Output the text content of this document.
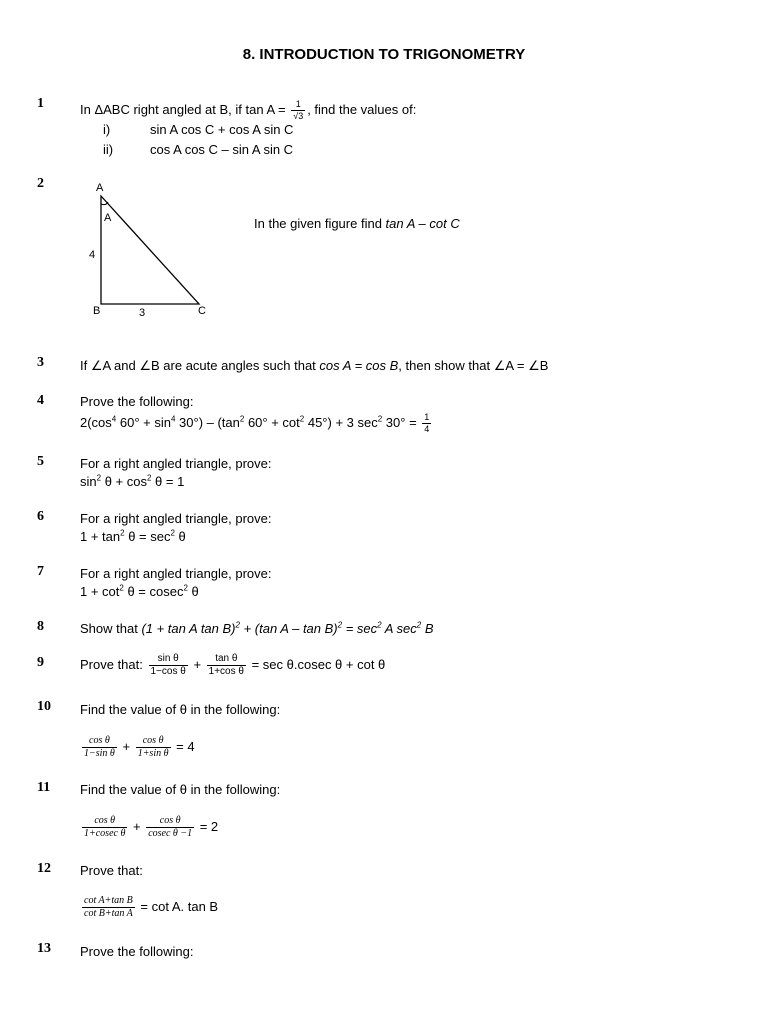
8. INTRODUCTION TO TRIGONOMETRY
1	In ΔABC right angled at B, if $\tan A = \frac{1}{√3}$ , find the values of:
i)	sin A cos C + cos A sin C
ii)	cos A cos C – sin A sin C
2	A
A
4
B	3	C
In the given figure find tan A – cot C
3	If ∠A and ∠B are acute angles such that cos A = cos B, then show that ∠A = ∠B
4	Prove the following:
$2(\cos^4$ $60^\circ + \sin^4 30^\circ) - (\tan^2$ $60^\circ + \cot^2 45^\circ) + 3$ $\sec^2 30^\circ = \frac{1}{4}$
5	For a right angled triangle, prove:
$\sin^2 \theta + \cos^2 \theta = 1$
6	For a right angled triangle, prove:
$1 + \tan^2 \theta = \sec^2 \theta$
7	For a right angled triangle, prove:
$1 + \cot^2 \theta = cosec^2$ θ
8	Show that (1 + tan A tan B)$^2$ + (tan $A - \tan B)^2 = \sec^2 A$ $\sec^2 B$
9	Prove that: $\frac{\text{sin θ}}{\text{1−cos θ}} + \frac{\text{tan θ}}{\text{1+cos θ}} = \sec \theta.cosec$ θ + cot θ
10 Find the value of θ in the following:
$\frac{\text{cos θ}}{\text{1−sin θ}} + \frac{\text{cos θ}}{\text{1+sin θ}} = 4$
11 Find the value of θ in the following:
$\frac{\text{cos θ}}{\text{1+cosec θ}} + \frac{\text{cos θ}}{\text{cosec θ −1}} = 2$
12 Prove that:
$\frac{\text{cot A+tan B}}{\text{cot B+tan A}} = \cot A$. tan B
13 Prove the following:
